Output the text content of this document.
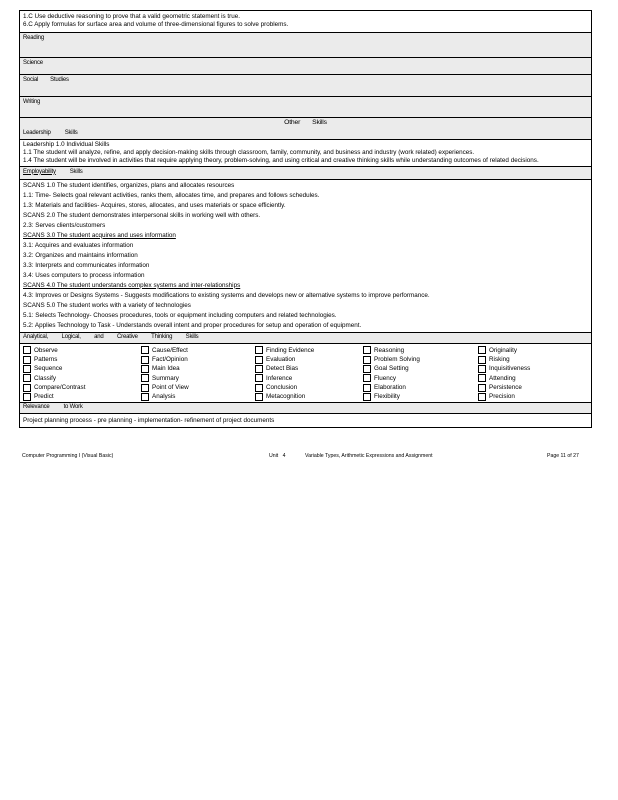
1.C Use deductive reasoning to prove that a valid geometric statement is true.
6.C Apply formulas for surface area and volume of three-dimensional figures to solve problems.
Reading
Science
Social Studies
Writing
Other Skills
Leadership Skills
Leadership 1.0 Individual Skills
1.1 The student will analyze, refine, and apply decision-making skills through classroom, family, community, and business and industry (work related) experiences.
1.4 The student will be involved in activities that require applying theory, problem-solving, and using critical and creative thinking skills while understanding outcomes of related decisions.
Employability Skills
SCANS 1.0 The student identifies, organizes, plans and allocates resources
1.1: Time- Selects goal relevant activities, ranks them, allocates time, and prepares and follows schedules.
1.3: Materials and facilities- Acquires, stores, allocates, and uses materials or space efficiently.
SCANS 2.0 The student demonstrates interpersonal skills in working well with others.
2.3: Serves clients/customers
SCANS 3.0 The student acquires and uses information
3.1: Acquires and evaluates information
3.2: Organizes and maintains information
3.3: Interprets and communicates information
3.4: Uses computers to process information
SCANS 4.0 The student understands complex systems and inter-relationships
4.3: Improves or Designs Systems - Suggests modifications to existing systems and develops new or alternative systems to improve performance.
SCANS 5.0 The student works with a variety of technologies
5.1: Selects Technology- Chooses procedures, tools or equipment including computers and related technologies.
5.2: Applies Technology to Task - Understands overall intent and proper procedures for setup and operation of equipment.
Analytical, Logical, and Creative Thinking Skills
Observe	Cause/Effect	Finding Evidence	Reasoning	Originality
Patterns	Fact/Opinion	Evaluation	Problem Solving	Risking
Sequence	Main Idea	Detect Bias	Goal Setting	Inquisitiveness
Classify	Summary	Inference	Fluency	Attending
Compare/Contrast	Point of View	Conclusion	Elaboration	Persistence
Predict	Analysis	Metacognition	Flexibility	Precision
Relevance to Work
Project planning process - pre planning - implementation- refinement of project documents
Computer Programming I (Visual Basic)	Unit 4	Variable Types, Arithmetic Expressions and Assignment	Page 11 of 27
